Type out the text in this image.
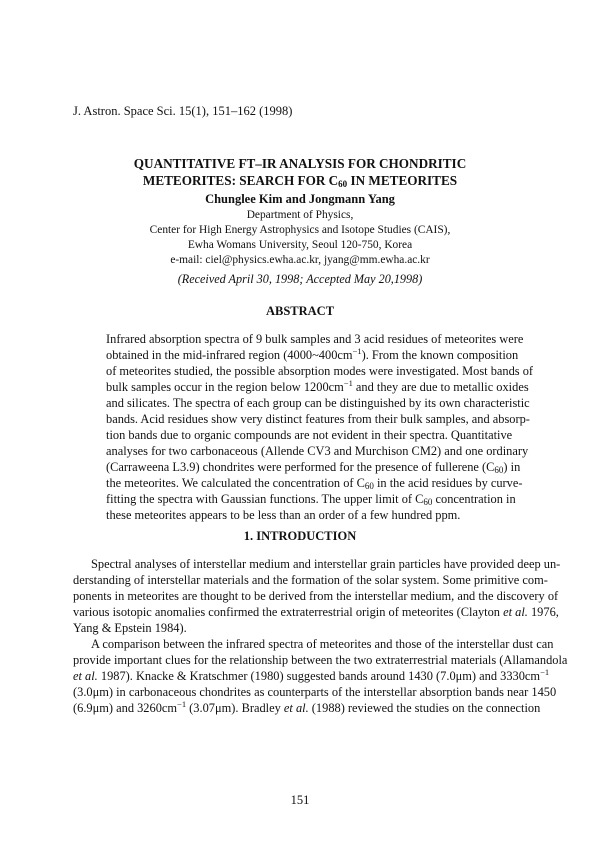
J. Astron. Space Sci. 15(1), 151–162 (1998)
QUANTITATIVE FT–IR ANALYSIS FOR CHONDRITIC
METEORITES: SEARCH FOR $C_{60}$ IN METEORITES
Chunglee Kim and Jongmann Yang
Department of Physics,
Center for High Energy Astrophysics and Isotope Studies (CAIS),
Ewha Womans University, Seoul 120-750, Korea
e-mail: ciel@physics.ewha.ac.kr, jyang@mm.ewha.ac.kr
(Received April 30, 1998; Accepted May 20,1998)
ABSTRACT
Infrared absorption spectra of 9 bulk samples and 3 acid residues of meteorites were
obtained in the mid-infrared region $(4000\sim 400cm^{-1})$. From the known composition
of meteorites studied, the possible absorption modes were investigated. Most bands of
bulk samples occur in the region below $1200cm^{-1}$ and they are due to metallic oxides
and silicates. The spectra of each group can be distinguished by its own characteristic
bands. Acid residues show very distinct features from their bulk samples, and absorp-
tion bands due to organic compounds are not evident in their spectra. Quantitative
analyses for two carbonaceous (Allende CV3 and Murchison CM2) and one ordinary
(Carraweena L3.9) chondrites were performed for the presence of fullerene $(C_{60})$ in
the meteorites. We calculated the concentration of $C_{60}$ in the acid residues by curve-
fitting the spectra with Gaussian functions. The upper limit of $C_{60}$ concentration in
these meteorites appears to be less than an order of a few hundred ppm.
1. INTRODUCTION
Spectral analyses of interstellar medium and interstellar grain particles have provided deep un-
derstanding of interstellar materials and the formation of the solar system. Some primitive com-
ponents in meteorites are thought to be derived from the interstellar medium, and the discovery of
various isotopic anomalies confirmed the extraterrestrial origin of meteorites (Clayton et al. 1976,
Yang & Epstein 1984).
A comparison between the infrared spectra of meteorites and those of the interstellar dust can
provide important clues for the relationship between the two extraterrestrial materials (Allamandola
et al. 1987). Knacke & Kratschmer (1980) suggested bands around 1430 (7.0μm) and $3330cm^{-1}$
(3.0μm) in carbonaceous chondrites as counterparts of the interstellar absorption bands near 1450
(6.9μm) and $3260cm^{-1}$ (3.07μm). Bradley et al. (1988) reviewed the studies on the connection
151
